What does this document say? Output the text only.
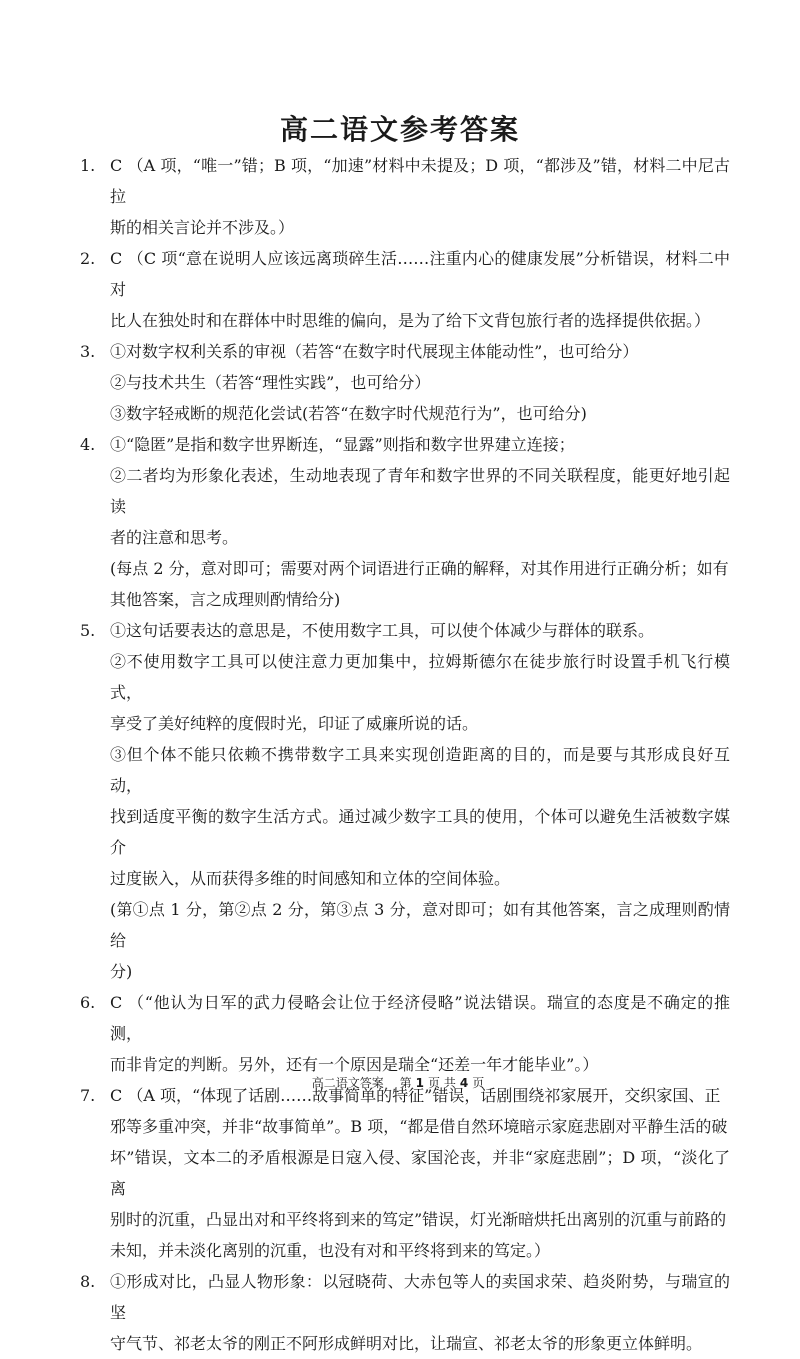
高二语文参考答案
1. C （A 项，“唯一”错；B 项，“加速”材料中未提及；D 项，“都涉及”错，材料二中尼古拉
斯的相关言论并不涉及。）
2. C （C 项“意在说明人应该远离琐碎生活……注重内心的健康发展”分析错误，材料二中对
比人在独处时和在群体中时思维的偏向，是为了给下文背包旅行者的选择提供依据。）
3. ①对数字权利关系的审视（若答“在数字时代展现主体能动性”，也可给分）
②与技术共生（若答“理性实践”，也可给分）
③数字轻戒断的规范化尝试(若答“在数字时代规范行为”，也可给分)
4. ①“隐匿”是指和数字世界断连，“显露”则指和数字世界建立连接；
②二者均为形象化表述，生动地表现了青年和数字世界的不同关联程度，能更好地引起读
者的注意和思考。
(每点 2 分，意对即可；需要对两个词语进行正确的解释，对其作用进行正确分析；如有
其他答案，言之成理则酌情给分)
5. ①这句话要表达的意思是，不使用数字工具，可以使个体减少与群体的联系。
②不使用数字工具可以使注意力更加集中，拉姆斯德尔在徒步旅行时设置手机飞行模式，
享受了美好纯粹的度假时光，印证了威廉所说的话。
③但个体不能只依赖不携带数字工具来实现创造距离的目的，而是要与其形成良好互动，
找到适度平衡的数字生活方式。通过减少数字工具的使用，个体可以避免生活被数字媒介
过度嵌入，从而获得多维的时间感知和立体的空间体验。
(第①点 1 分，第②点 2 分，第③点 3 分，意对即可；如有其他答案，言之成理则酌情给
分)
6. C （“他认为日军的武力侵略会让位于经济侵略”说法错误。瑞宣的态度是不确定的推测，
而非肯定的判断。另外，还有一个原因是瑞全“还差一年才能毕业”。）
7. C （A 项，“体现了话剧……故事简单的特征”错误，话剧围绕祁家展开，交织家国、正
邪等多重冲突，并非“故事简单”。B 项，“都是借自然环境暗示家庭悲剧对平静生活的破
坏”错误，文本二的矛盾根源是日寇入侵、家国沦丧，并非“家庭悲剧”；D 项，“淡化了离
别时的沉重，凸显出对和平终将到来的笃定”错误，灯光渐暗烘托出离别的沉重与前路的
未知，并未淡化离别的沉重，也没有对和平终将到来的笃定。）
8. ①形成对比，凸显人物形象：以冠晓荷、大赤包等人的卖国求荣、趋炎附势，与瑞宣的坚
守气节、祁老太爷的刚正不阿形成鲜明对比，让瑞宣、祁老太爷的形象更立体鲜明。
高二语文答案 第 1 页 共 4 页
